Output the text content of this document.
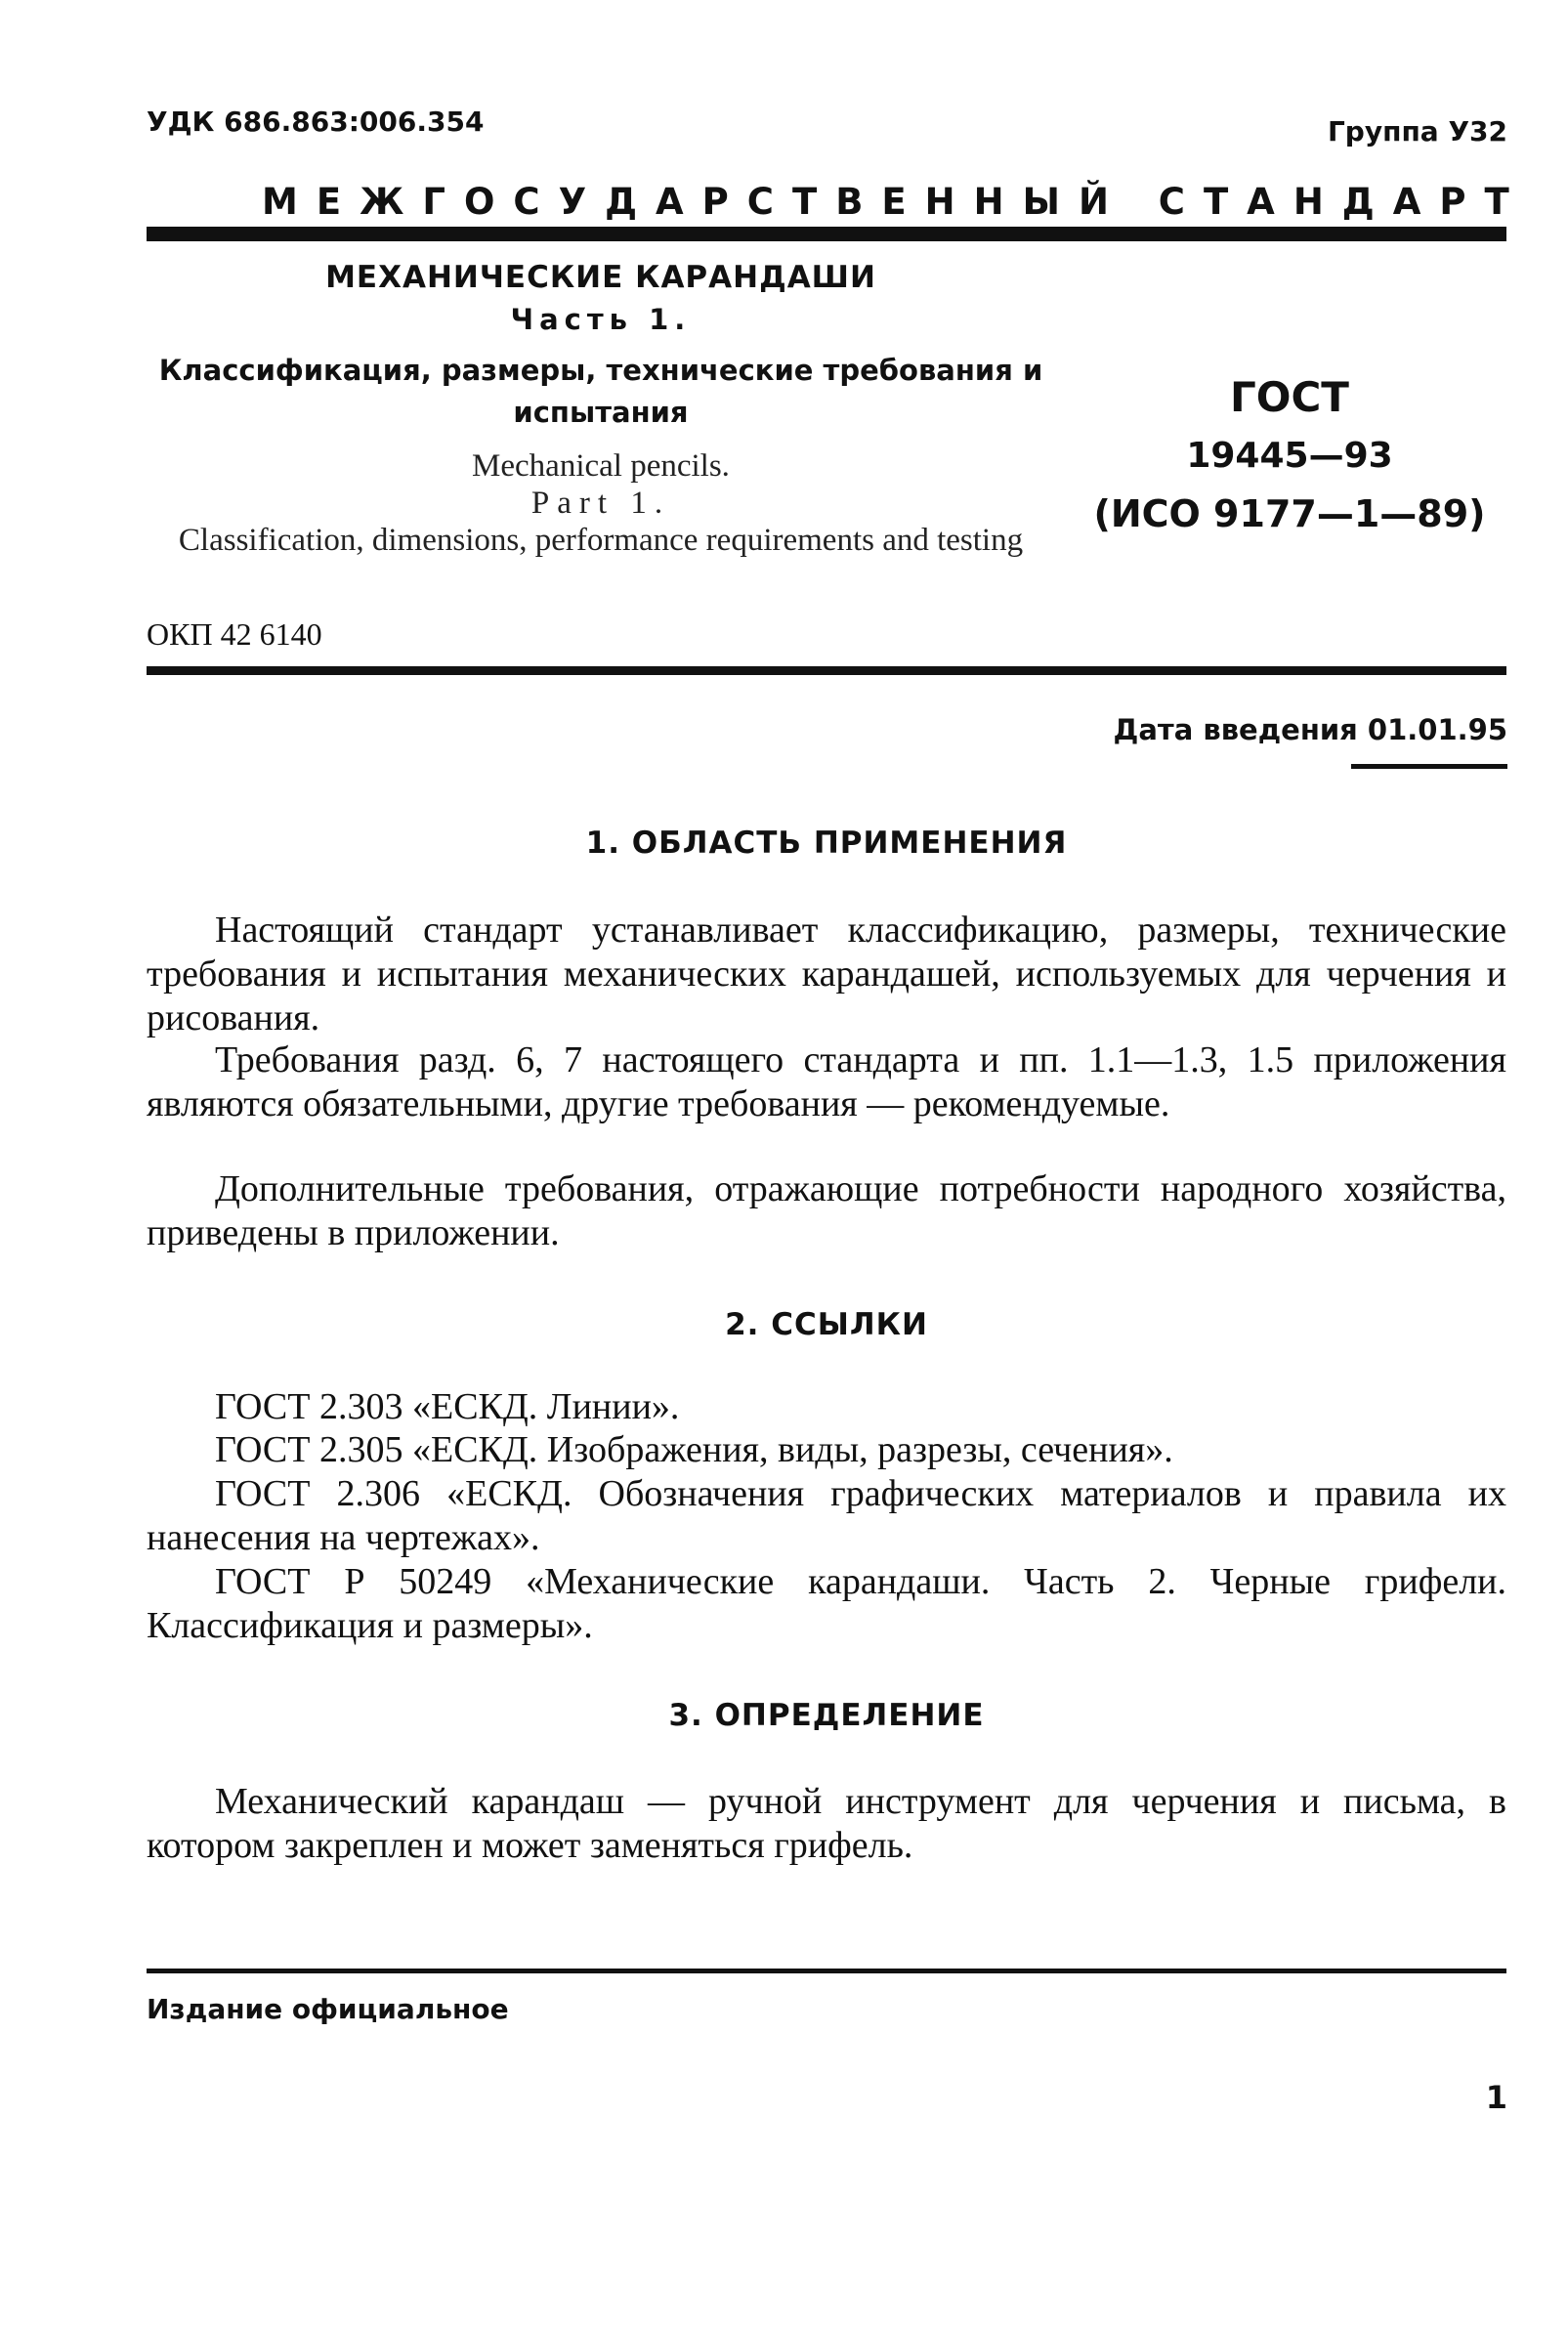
УДК 686.863:006.354	Группа У32
МЕЖГОСУДАРСТВЕННЫЙ СТАНДАРТ
МЕХАНИЧЕСКИЕ КАРАНДАШИ
Часть 1.
Классификация, размеры, технические требования и испытания
Mechanical pencils.
Part 1.
Classification, dimensions, performance requirements and testing
ОКП 42 6140
ГОСТ
19445—93
(ИСО 9177—1—89)
Дата введения 01.01.95
1. ОБЛАСТЬ ПРИМЕНЕНИЯ
Настоящий стандарт устанавливает классификацию, размеры, технические требования и испытания механических карандашей, используемых для черчения и рисования.
Требования разд. 6, 7 настоящего стандарта и пп. 1.1—1.3, 1.5 приложения являются обязательными, другие требования — рекомендуемые.
Дополнительные требования, отражающие потребности народного хозяйства, приведены в приложении.
2. ССЫЛКИ
ГОСТ 2.303 «ЕСКД. Линии».
ГОСТ 2.305 «ЕСКД. Изображения, виды, разрезы, сечения».
ГОСТ 2.306 «ЕСКД. Обозначения графических материалов и правила их нанесения на чертежах».
ГОСТ Р 50249 «Механические карандаши. Часть 2. Черные грифели. Классификация и размеры».
3. ОПРЕДЕЛЕНИЕ
Механический карандаш — ручной инструмент для черчения и письма, в котором закреплен и может заменяться грифель.
Издание официальное
1
